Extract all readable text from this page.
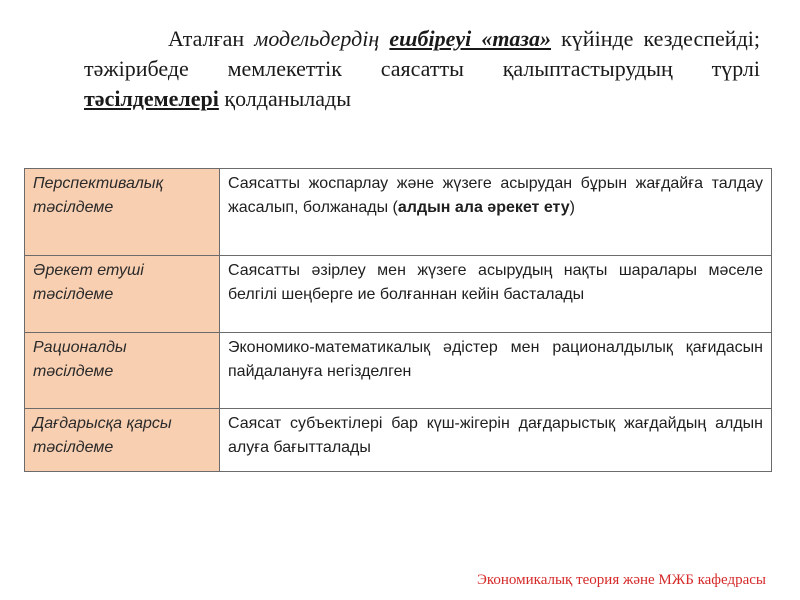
Аталған модельдердің ешбіреуі «таза» күйінде кездеспейді; тәжірибеде мемлекеттік саясатты қалыптастырудың түрлі тәсілдемелері қолданылады
Перспективалық тәсілдеме	Саясатты жоспарлау және жүзеге асырудан бұрын жағдайға талдау жасалып, болжанады (алдын ала әрекет ету)
Әрекет етуші тәсілдеме	Саясатты әзірлеу мен жүзеге асырудың нақты шаралары мәселе белгілі шеңберге ие болғаннан кейін басталады
Рационалды тәсілдеме	Экономико-математикалық әдістер мен рационалдылық қағидасын пайдалануға негізделген
Дағдарысқа қарсы тәсілдеме	Саясат субъектілері бар күш-жігерін дағдарыстық жағдайдың алдын алуға бағытталады
Экономикалық теория және МЖБ кафедрасы
